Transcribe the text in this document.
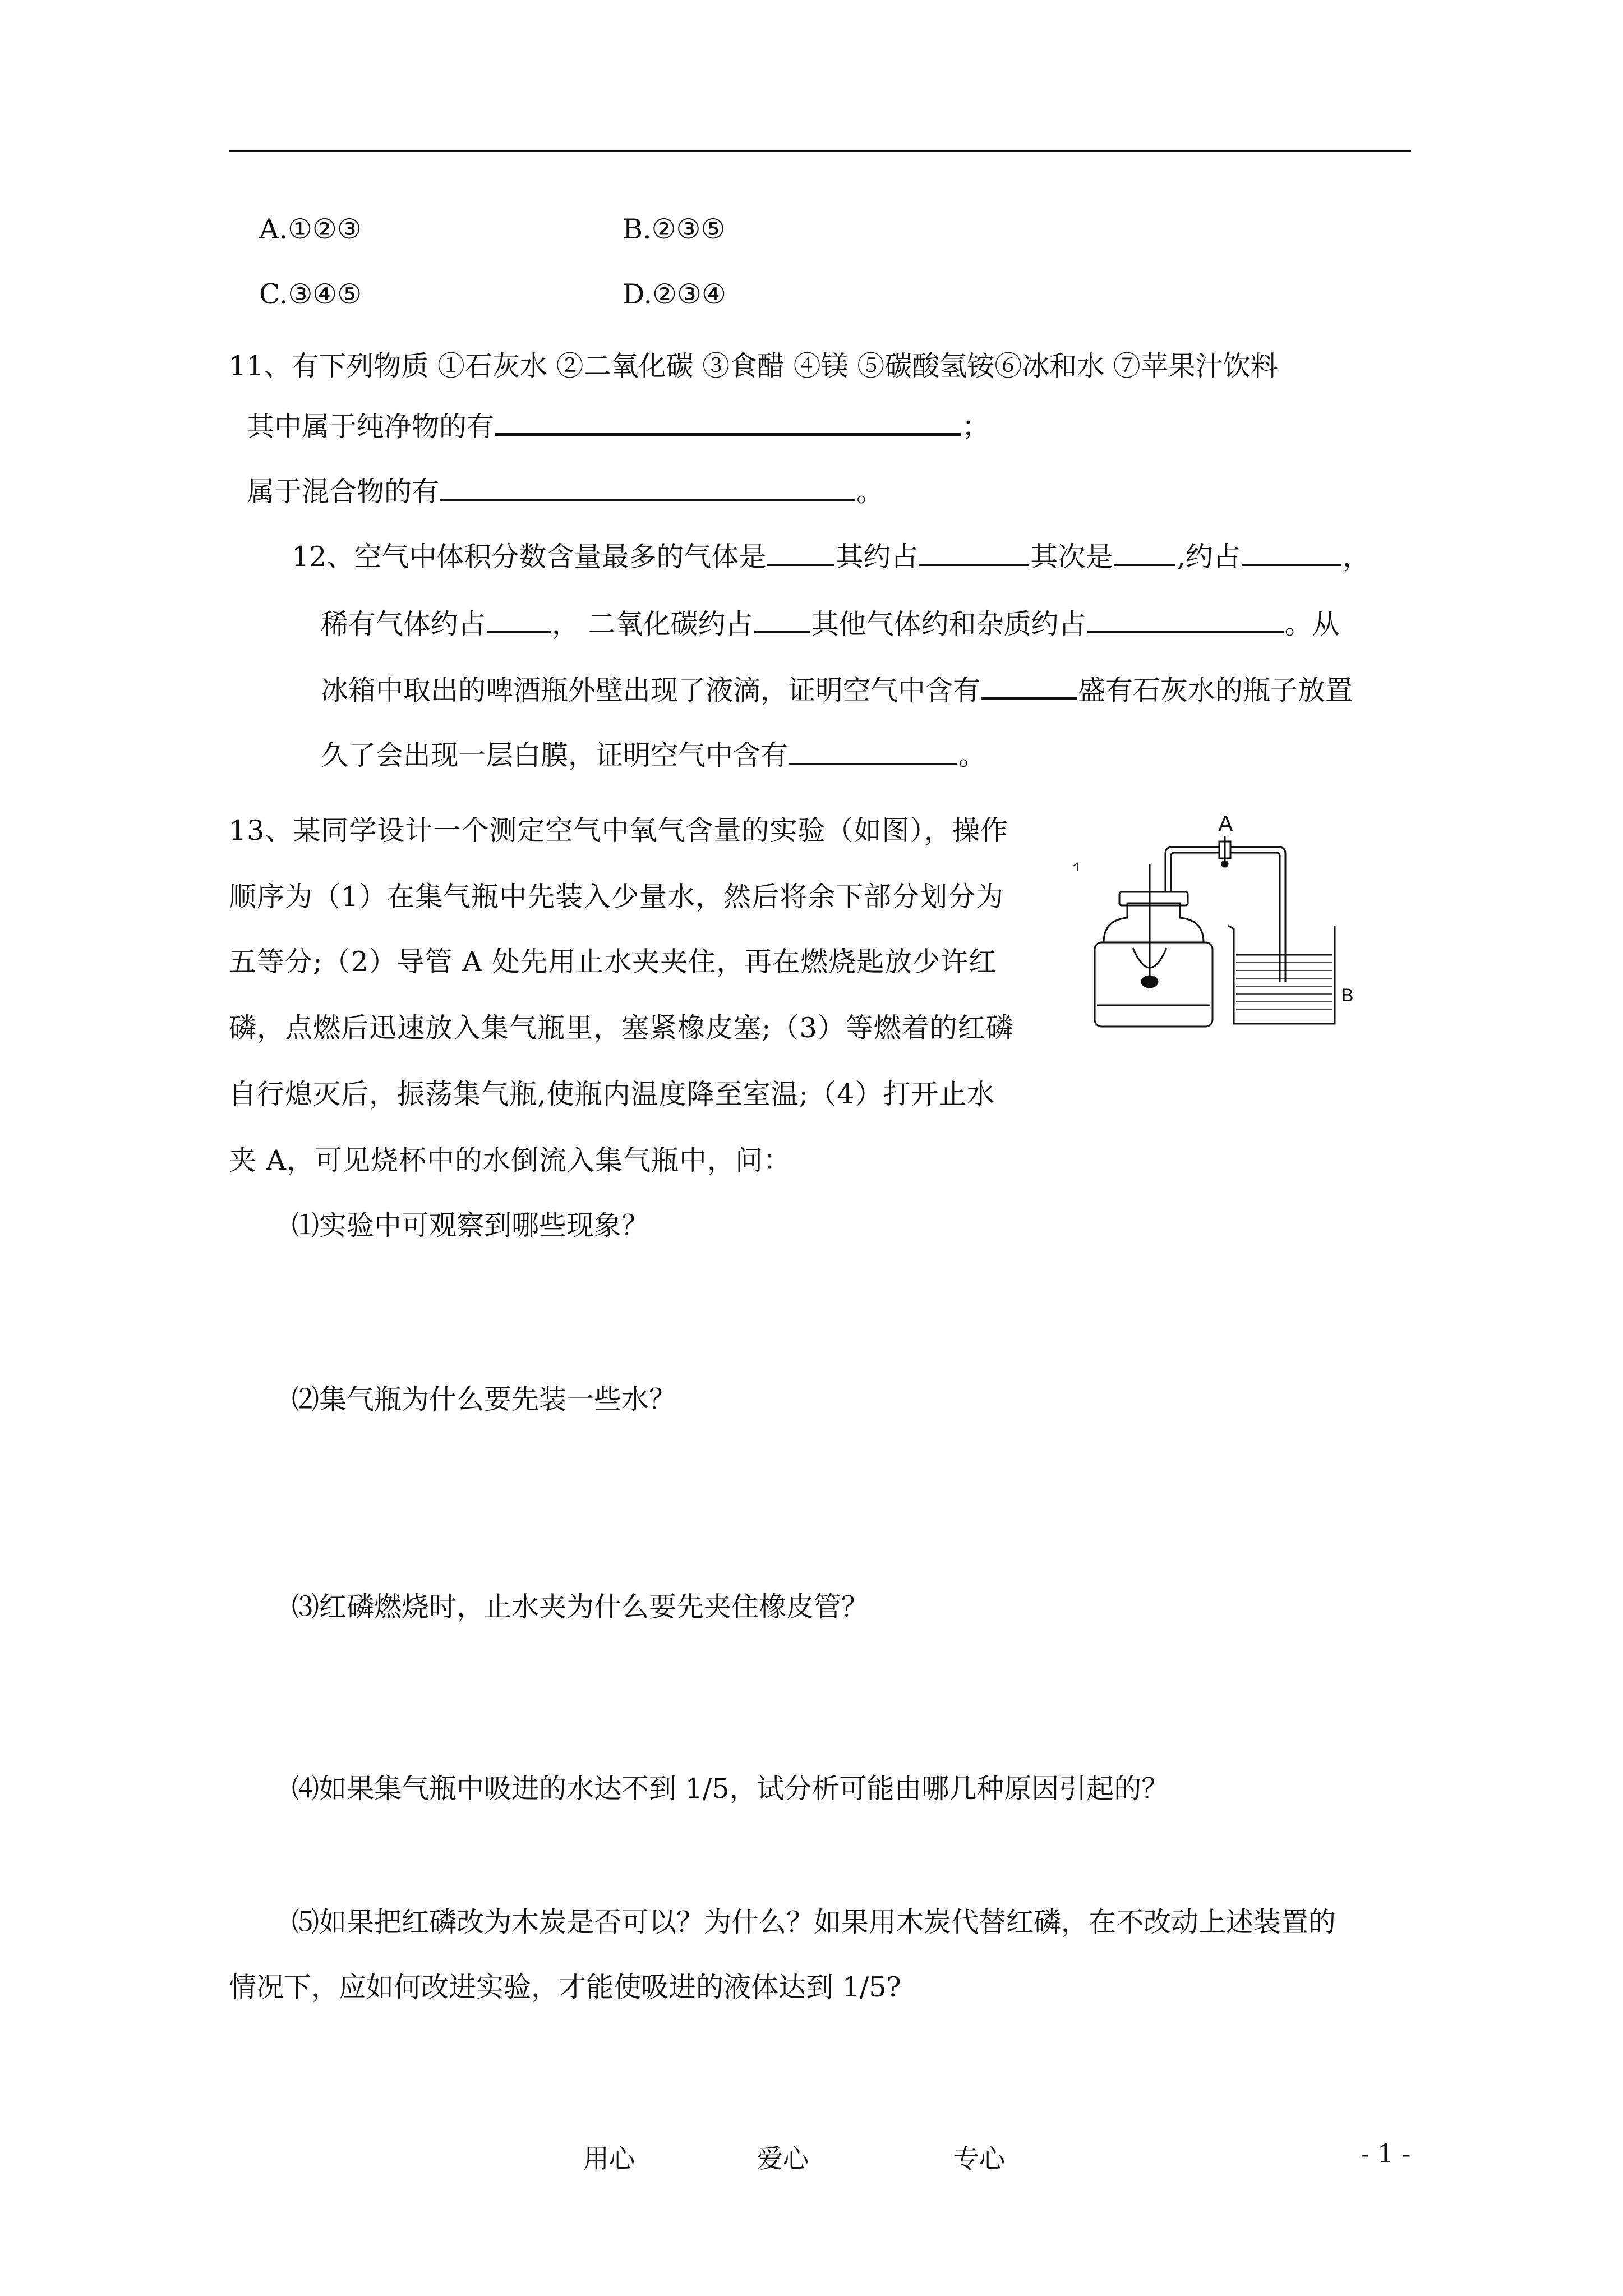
A.①②③	B.②③⑤
C.③④⑤	D.②③④
11、有下列物质 ①石灰水 ②二氧化碳 ③食醋 ④镁 ⑤碳酸氢铵⑥冰和水 ⑦苹果汁饮料
其中属于纯净物的有	；
属于混合物的有	。
12、空气中体积分数含量最多的气体是	其约占	其次是 ,约占	，
稀有气体约占 ， 二氧化碳约占 其他气体约和杂质约占	。从
冰箱中取出的啤酒瓶外壁出现了液滴，证明空气中含有	盛有石灰水的瓶子放置
久了会出现一层白膜，证明空气中含有	。
13、某同学设计一个测定空气中氧气含量的实验（如图），操作
顺序为（1）在集气瓶中先装入少量水，然后将余下部分划分为
五等分;（2）导管 A 处先用止水夹夹住，再在燃烧匙放少许红
磷，点燃后迅速放入集气瓶里，塞紧橡皮塞;（3）等燃着的红磷
自行熄灭后，振荡集气瓶,使瓶内温度降至室温;（4）打开止水
夹 A，可见烧杯中的水倒流入集气瓶中，问：
A
B
⑴实验中可观察到哪些现象？
⑵集气瓶为什么要先装一些水？
⑶红磷燃烧时，止水夹为什么要先夹住橡皮管？
⑷如果集气瓶中吸进的水达不到 1/5，试分析可能由哪几种原因引起的？
⑸如果把红磷改为木炭是否可以？为什么？如果用木炭代替红磷，在不改动上述装置的
情况下，应如何改进实验，才能使吸进的液体达到 1/5?
用心	爱心	专心	- 1 -
